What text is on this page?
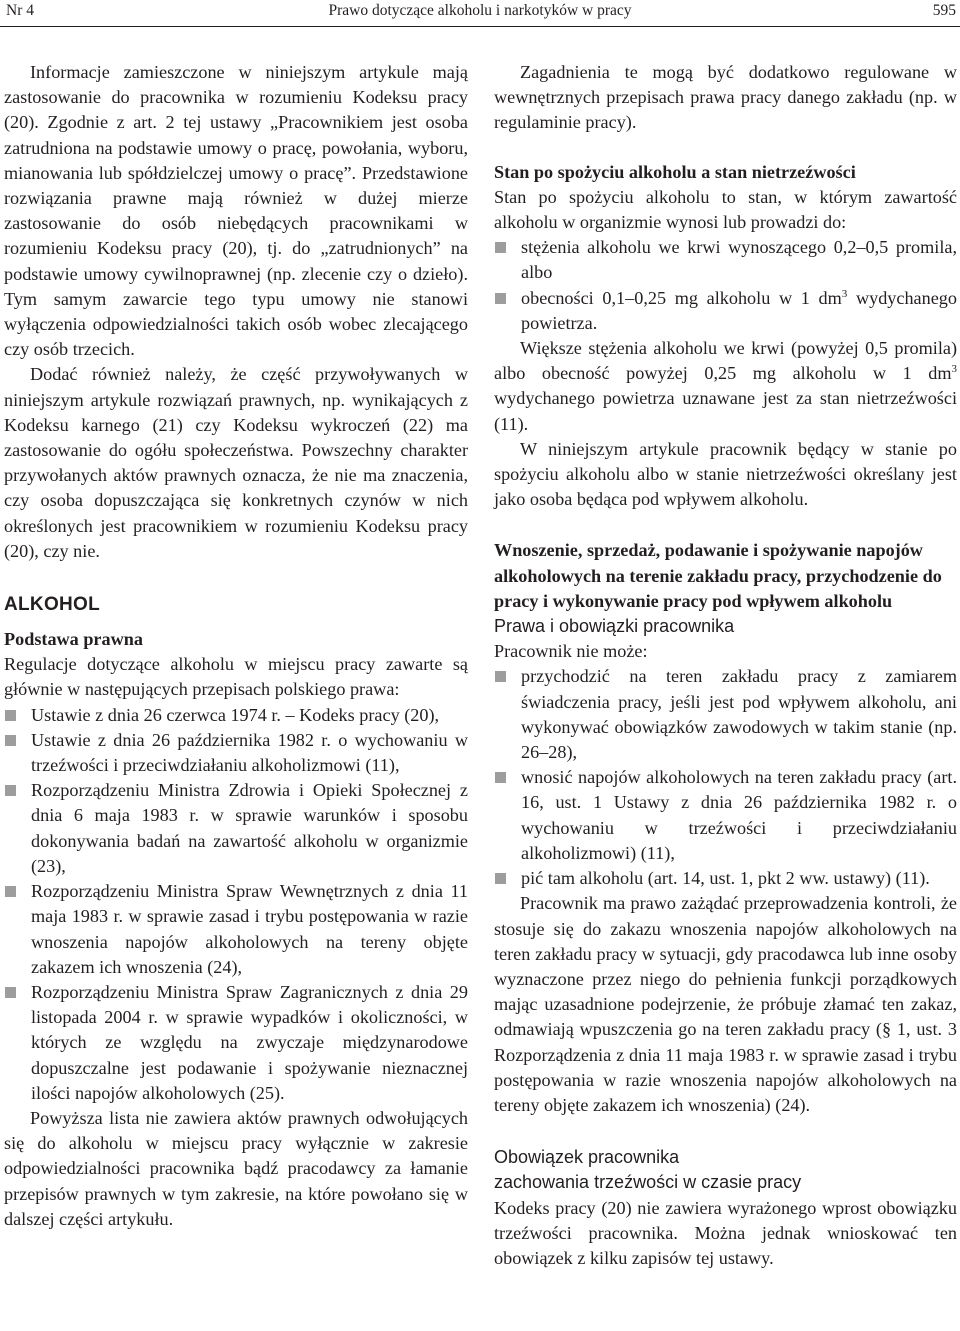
Nr 4	Prawo dotyczące alkoholu i narkotyków w pracy	595

Informacje zamieszczone w niniejszym artykule mają zastosowanie do pracownika w rozumieniu Kodeksu pracy (20). Zgodnie z art. 2 tej ustawy „Pracownikiem jest osoba zatrudniona na podstawie umowy o pracę, powołania, wyboru, mianowania lub spółdzielczej umowy o pracę”. Przedstawione rozwiązania prawne mają również w dużej mierze zastosowanie do osób niebędących pracownikami w rozumieniu Kodeksu pracy (20), tj. do „zatrudnionych” na podstawie umowy cywilnoprawnej (np. zlecenie czy o dzieło). Tym samym zawarcie tego typu umowy nie stanowi wyłączenia odpowiedzialności takich osób wobec zlecającego czy osób trzecich.

Dodać również należy, że część przywoływanych w niniejszym artykule rozwiązań prawnych, np. wynikających z Kodeksu karnego (21) czy Kodeksu wykroczeń (22) ma zastosowanie do ogółu społeczeństwa. Powszechny charakter przywołanych aktów prawnych oznacza, że nie ma znaczenia, czy osoba dopuszczająca się konkretnych czynów w nich określonych jest pracownikiem w rozumieniu Kodeksu pracy (20), czy nie.

ALKOHOL
Podstawa prawna

Regulacje dotyczące alkoholu w miejscu pracy zawarte są głównie w następujących przepisach polskiego prawa:

Ustawie z dnia 26 czerwca 1974 r. – Kodeks pracy (20),
Ustawie z dnia 26 października 1982 r. o wychowaniu w trzeźwości i przeciwdziałaniu alkoholizmowi (11),
Rozporządzeniu Ministra Zdrowia i Opieki Społecznej z dnia 6 maja 1983 r. w sprawie warunków i sposobu dokonywania badań na zawartość alkoholu w organizmie (23),
Rozporządzeniu Ministra Spraw Wewnętrznych z dnia 11 maja 1983 r. w sprawie zasad i trybu postępowania w razie wnoszenia napojów alkoholowych na tereny objęte zakazem ich wnoszenia (24),
Rozporządzeniu Ministra Spraw Zagranicznych z dnia 29 listopada 2004 r. w sprawie wypadków i okoliczności, w których ze względu na zwyczaje międzynarodowe dopuszczalne jest podawanie i spożywanie nieznacznej ilości napojów alkoholowych (25).

Powyższa lista nie zawiera aktów prawnych odwołujących się do alkoholu w miejscu pracy wyłącznie w zakresie odpowiedzialności pracownika bądź pracodawcy za łamanie przepisów prawnych w tym zakresie, na które powołano się w dalszej części artykułu.

Zagadnienia te mogą być dodatkowo regulowane w wewnętrznych przepisach prawa pracy danego zakładu (np. w regulaminie pracy).

Stan po spożyciu alkoholu a stan nietrzeźwości

Stan po spożyciu alkoholu to stan, w którym zawartość alkoholu w organizmie wynosi lub prowadzi do:

stężenia alkoholu we krwi wynoszącego 0,2–0,5 promila, albo
obecności 0,1–0,25 mg alkoholu w 1 $dm^3$ wydychanego powietrza.

Większe stężenia alkoholu we krwi (powyżej 0,5 promila) albo obecność powyżej 0,25 mg alkoholu w 1 $dm^3$ wydychanego powietrza uznawane jest za stan nietrzeźwości (11).

W niniejszym artykule pracownik będący w stanie po spożyciu alkoholu albo w stanie nietrzeźwości określany jest jako osoba będąca pod wpływem alkoholu.

Wnoszenie, sprzedaż, podawanie i spożywanie napojów alkoholowych na terenie zakładu pracy, przychodzenie do pracy i wykonywanie pracy pod wpływem alkoholu
Prawa i obowiązki pracownika

Pracownik nie może:

przychodzić na teren zakładu pracy z zamiarem świadczenia pracy, jeśli jest pod wpływem alkoholu, ani wykonywać obowiązków zawodowych w takim stanie (np. 26–28),
wnosić napojów alkoholowych na teren zakładu pracy (art. 16, ust. 1 Ustawy z dnia 26 października 1982 r. o wychowaniu w trzeźwości i przeciwdziałaniu alkoholizmowi) (11),
pić tam alkoholu (art. 14, ust. 1, pkt 2 ww. ustawy) (11).

Pracownik ma prawo zażądać przeprowadzenia kontroli, że stosuje się do zakazu wnoszenia napojów alkoholowych na teren zakładu pracy w sytuacji, gdy pracodawca lub inne osoby wyznaczone przez niego do pełnienia funkcji porządkowych mając uzasadnione podejrzenie, że próbuje złamać ten zakaz, odmawiają wpuszczenia go na teren zakładu pracy (§ 1, ust. 3 Rozporządzenia z dnia 11 maja 1983 r. w sprawie zasad i trybu postępowania w razie wnoszenia napojów alkoholowych na tereny objęte zakazem ich wnoszenia) (24).

Obowiązek pracownika
zachowania trzeźwości w czasie pracy

Kodeks pracy (20) nie zawiera wyrażonego wprost obowiązku trzeźwości pracownika. Można jednak wnioskować ten obowiązek z kilku zapisów tej ustawy.
